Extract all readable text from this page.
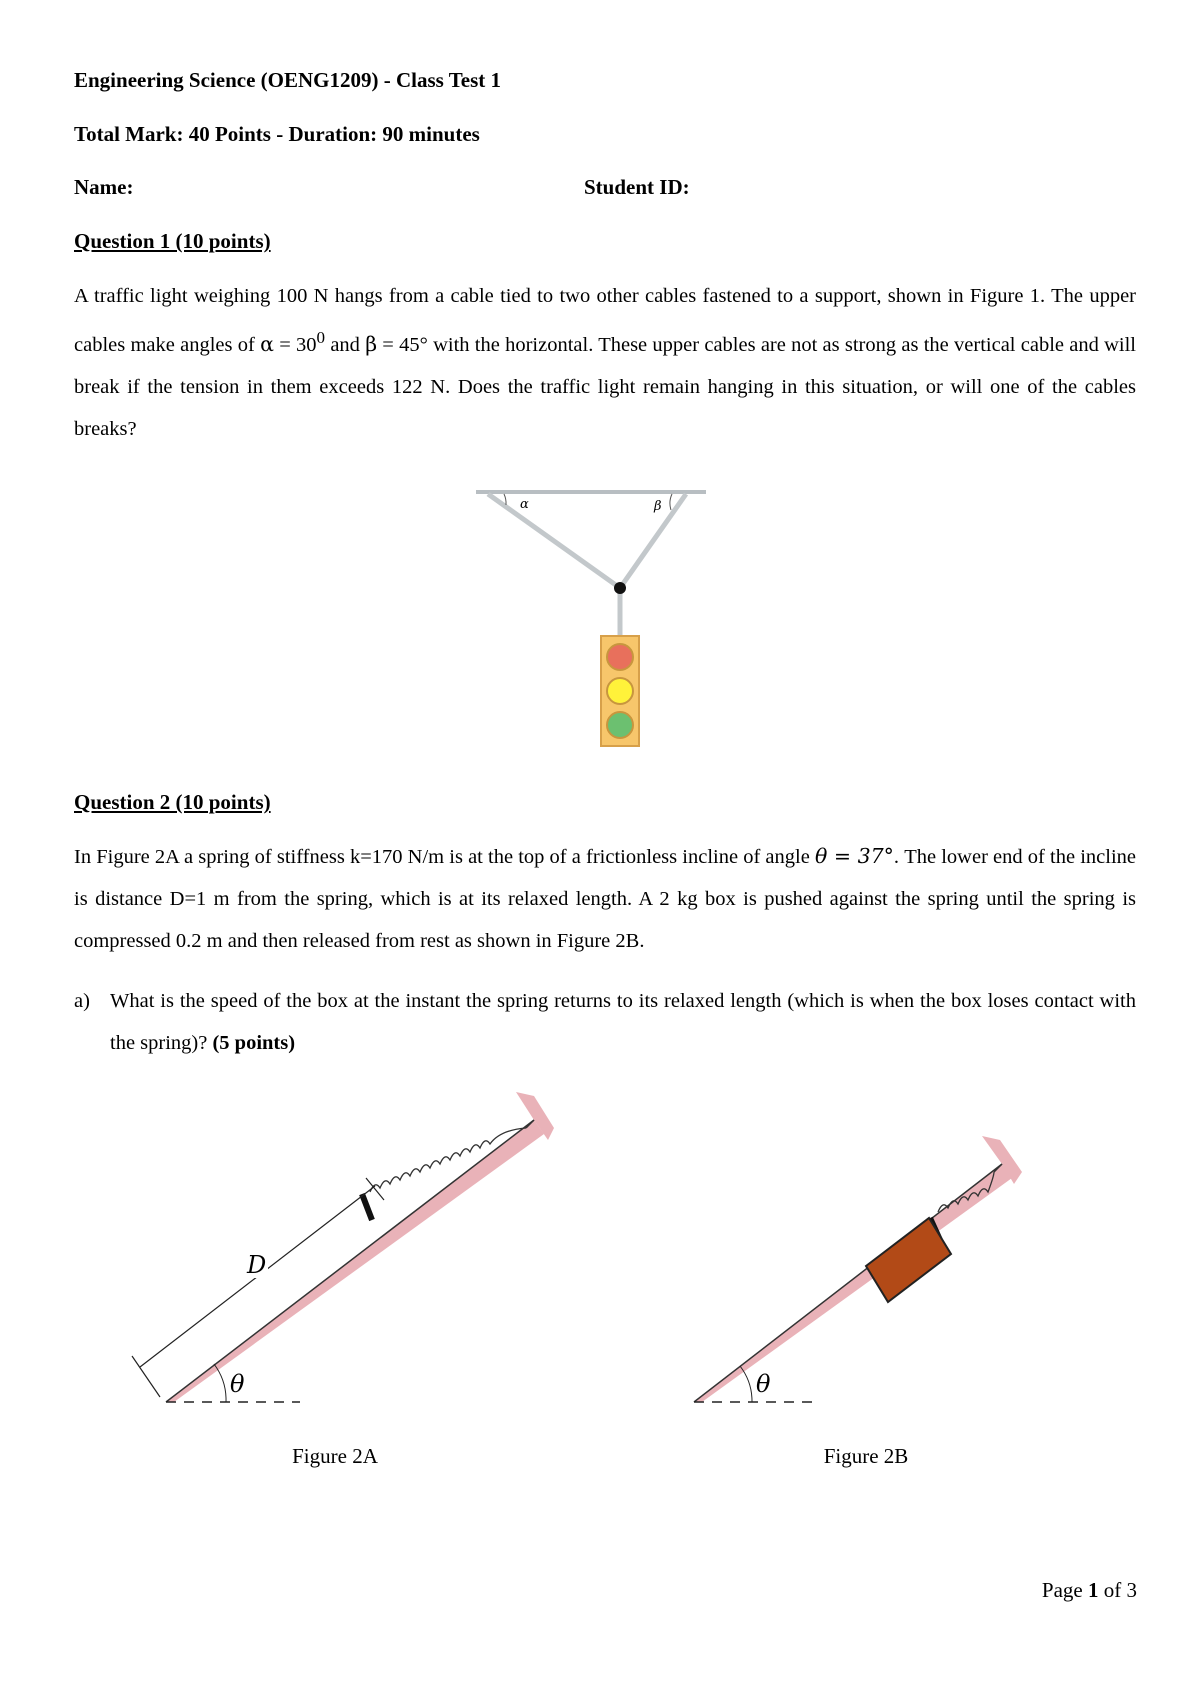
Engineering Science (OENG1209) - Class Test 1
Total Mark: 40 Points - Duration: 90 minutes
Name:	Student ID:
Question 1 (10 points)
A traffic light weighing 100 N hangs from a cable tied to two other cables fastened to a support, shown in Figure 1. The upper cables make angles of $\alpha = 30^0$ and β = 45° with the horizontal. These upper cables are not as strong as the vertical cable and will break if the tension in them exceeds 122 N. Does the traffic light remain hanging in this situation, or will one of the cables breaks?
α	β
Question 2 (10 points)
In Figure 2A a spring of stiffness k=170 N/m is at the top of a frictionless incline of angle θ = 37°. The lower end of the incline is distance D=1 m from the spring, which is at its relaxed length. A 2 kg box is pushed against the spring until the spring is compressed 0.2 m and then released from rest as shown in Figure 2B.
a) What is the speed of the box at the instant the spring returns to its relaxed length (which is when the box loses contact with the spring)? (5 points)
D
θ
Figure 2A
θ
Figure 2B
Page 1 of 3
